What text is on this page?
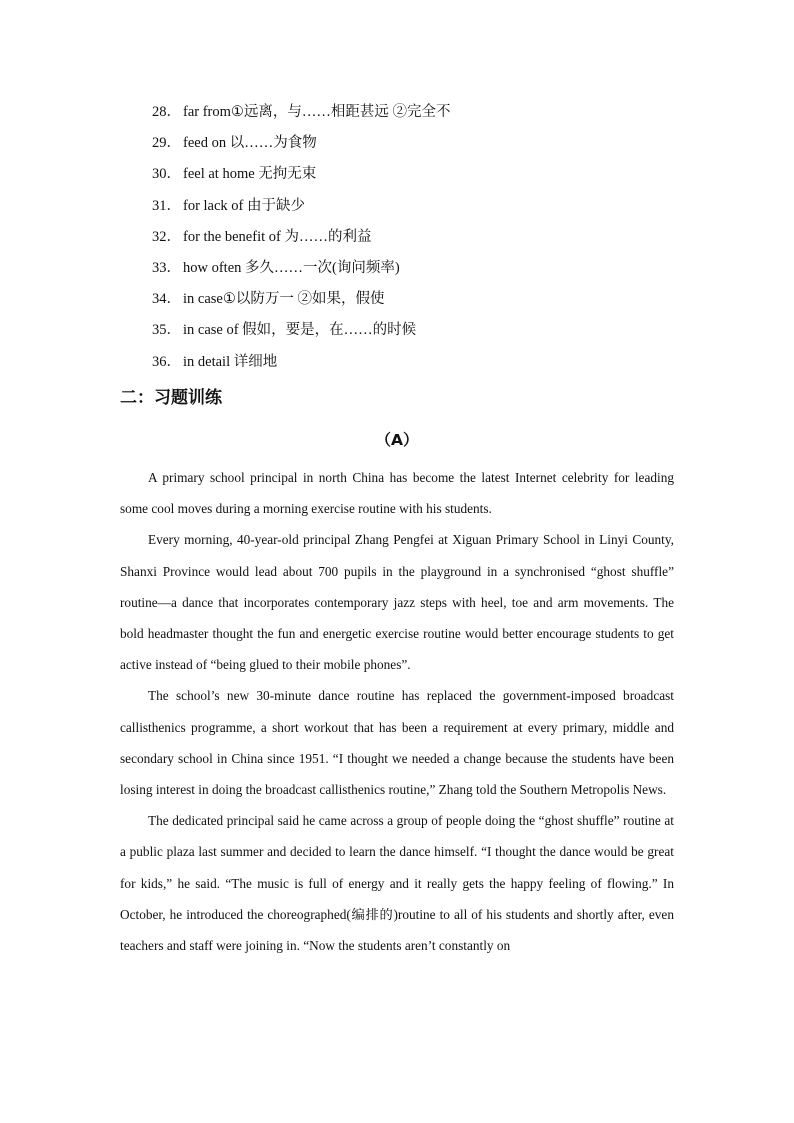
28． far from①远离，与……相距甚远 ②完全不
29． feed on 以……为食物
30． feel at home 无拘无束
31． for lack of 由于缺少
32． for the benefit of 为……的利益
33． how often 多久……一次(询问频率)
34． in case①以防万一 ②如果，假使
35． in case of 假如，要是，在……的时候
36． in detail 详细地
二：习题训练
（A）

A primary school principal in north China has become the latest Internet celebrity for leading some cool moves during a morning exercise routine with his students.

Every morning, 40-year-old principal Zhang Pengfei at Xiguan Primary School in Linyi County, Shanxi Province would lead about 700 pupils in the playground in a synchronised “ghost shuffle” routine—a dance that incorporates contemporary jazz steps with heel, toe and arm movements. The bold headmaster thought the fun and energetic exercise routine would better encourage students to get active instead of “being glued to their mobile phones”.

The school’s new 30-minute dance routine has replaced the government-imposed broadcast callisthenics programme, a short workout that has been a requirement at every primary, middle and secondary school in China since 1951. “I thought we needed a change because the students have been losing interest in doing the broadcast callisthenics routine,” Zhang told the Southern Metropolis News.

The dedicated principal said he came across a group of people doing the “ghost shuffle” routine at a public plaza last summer and decided to learn the dance himself. “I thought the dance would be great for kids,” he said. “The music is full of energy and it really gets the happy feeling of flowing.” In October, he introduced the choreographed(编排的)routine to all of his students and shortly after, even teachers and staff were joining in. “Now the students aren’t constantly on
